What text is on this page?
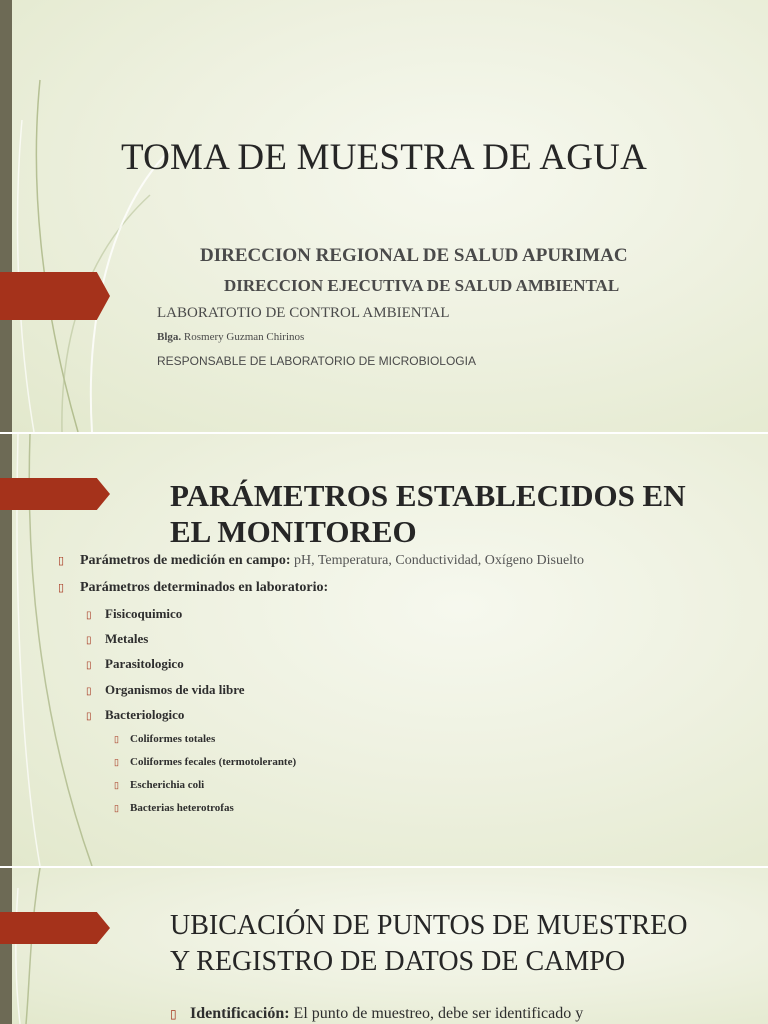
TOMA DE MUESTRA DE AGUA
DIRECCION REGIONAL DE SALUD APURIMAC
DIRECCION EJECUTIVA DE SALUD AMBIENTAL
LABORATOTIO DE CONTROL AMBIENTAL
Blga. Rosmery Guzman Chirinos
RESPONSABLE DE LABORATORIO DE MICROBIOLOGIA
PARÁMETROS ESTABLECIDOS EN
EL MONITOREO
▯ Parámetros de medición en campo: pH, Temperatura, Conductividad, Oxígeno Disuelto
▯ Parámetros determinados en laboratorio:
▯ Fisicoquimico
▯ Metales
▯ Parasitologico
▯ Organismos de vida libre
▯ Bacteriologico
▯ Coliformes totales
▯ Coliformes fecales (termotolerante)
▯ Escherichia coli
▯ Bacterias heterotrofas
UBICACIÓN DE PUNTOS DE MUESTREO
Y REGISTRO DE DATOS DE CAMPO
▯ Identificación: El punto de muestreo, debe ser identificado y
